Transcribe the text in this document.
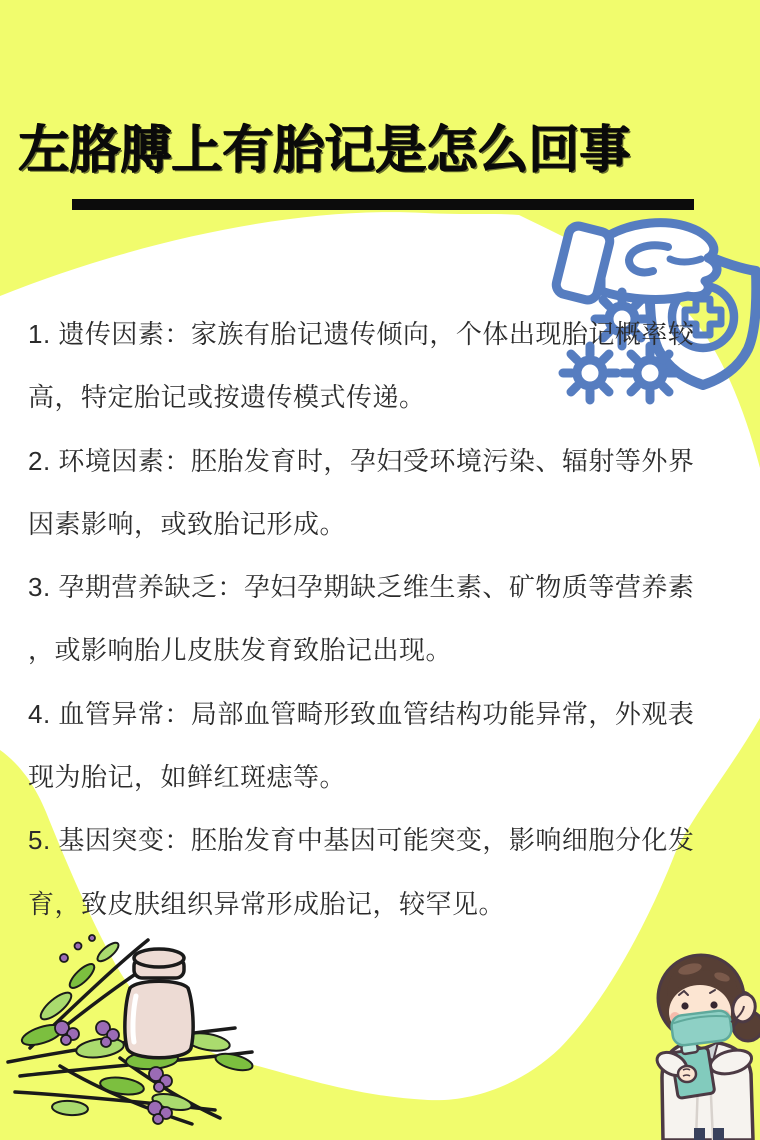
左胳膊上有胎记是怎么回事
1. 遗传因素：家族有胎记遗传倾向，个体出现胎记概率较
高，特定胎记或按遗传模式传递。
2. 环境因素：胚胎发育时，孕妇受环境污染、辐射等外界
因素影响，或致胎记形成。
3. 孕期营养缺乏：孕妇孕期缺乏维生素、矿物质等营养素
，或影响胎儿皮肤发育致胎记出现。
4. 血管异常：局部血管畸形致血管结构功能异常，外观表
现为胎记，如鲜红斑痣等。
5. 基因突变：胚胎发育中基因可能突变，影响细胞分化发
育，致皮肤组织异常形成胎记，较罕见。
